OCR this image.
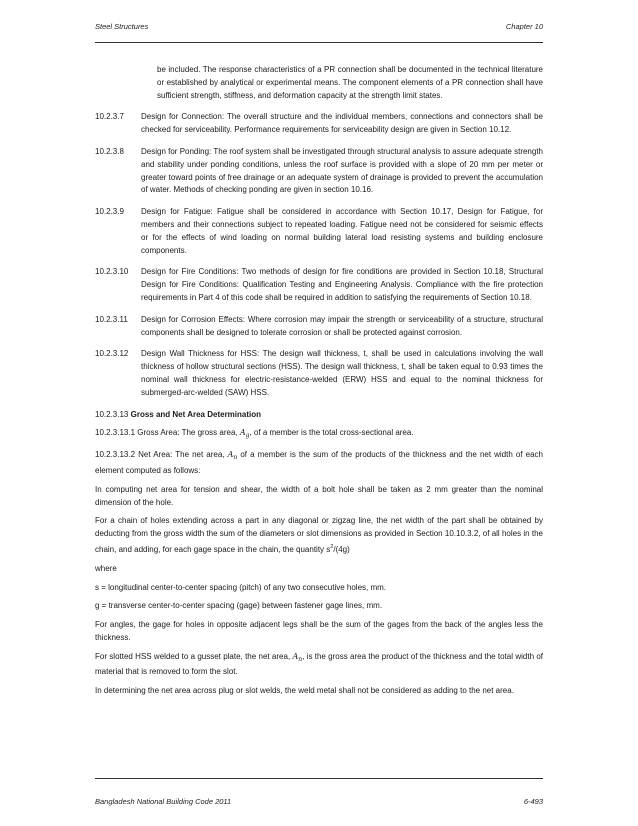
Steel Structures	Chapter 10

be included. The response characteristics of a PR connection shall be documented in the technical literature or established by analytical or experimental means. The component elements of a PR connection shall have sufficient strength, stiffness, and deformation capacity at the strength limit states.

10.2.3.7	Design for Connection: The overall structure and the individual members, connections and connectors shall be checked for serviceability. Performance requirements for serviceability design are given in Section 10.12.
10.2.3.8	Design for Ponding: The roof system shall be investigated through structural analysis to assure adequate strength and stability under ponding conditions, unless the roof surface is provided with a slope of 20 mm per meter or greater toward points of free drainage or an adequate system of drainage is provided to prevent the accumulation of water. Methods of checking ponding are given in section 10.16.
10.2.3.9	Design for Fatigue: Fatigue shall be considered in accordance with Section 10.17, Design for Fatigue, for members and their connections subject to repeated loading. Fatigue need not be considered for seismic effects or for the effects of wind loading on normal building lateral load resisting systems and building enclosure components.
10.2.3.10	Design for Fire Conditions: Two methods of design for fire conditions are provided in Section 10.18, Structural Design for Fire Conditions: Qualification Testing and Engineering Analysis. Compliance with the fire protection requirements in Part 4 of this code shall be required in addition to satisfying the requirements of Section 10.18.
10.2.3.11	Design for Corrosion Effects: Where corrosion may impair the strength or serviceability of a structure, structural components shall be designed to tolerate corrosion or shall be protected against corrosion.
10.2.3.12	Design Wall Thickness for HSS: The design wall thickness, t, shall be used in calculations involving the wall thickness of hollow structural sections (HSS). The design wall thickness, t, shall be taken equal to 0.93 times the nominal wall thickness for electric-resistance-welded (ERW) HSS and equal to the nominal thickness for submerged-arc-welded (SAW) HSS.

10.2.3.13 Gross and Net Area Determination

10.2.3.13.1 Gross Area: The gross area, $A_g$, of a member is the total cross-sectional area.

10.2.3.13.2 Net Area: The net area, $A_n$ of a member is the sum of the products of the thickness and the net width of each element computed as follows:

In computing net area for tension and shear, the width of a bolt hole shall be taken as 2 mm greater than the nominal dimension of the hole.

For a chain of holes extending across a part in any diagonal or zigzag line, the net width of the part shall be obtained by deducting from the gross width the sum of the diameters or slot dimensions as provided in Section 10.10.3.2, of all holes in the chain, and adding, for each gage space in the chain, the quantity $s^2/(4g)$

where

s = longitudinal center-to-center spacing (pitch) of any two consecutive holes, mm.

g = transverse center-to-center spacing (gage) between fastener gage lines, mm.

For angles, the gage for holes in opposite adjacent legs shall be the sum of the gages from the back of the angles less the thickness.

For slotted HSS welded to a gusset plate, the net area, $A_n$, is the gross area the product of the thickness and the total width of material that is removed to form the slot.

In determining the net area across plug or slot welds, the weld metal shall not be considered as adding to the net area.

Bangladesh National Building Code 2011	6-493
